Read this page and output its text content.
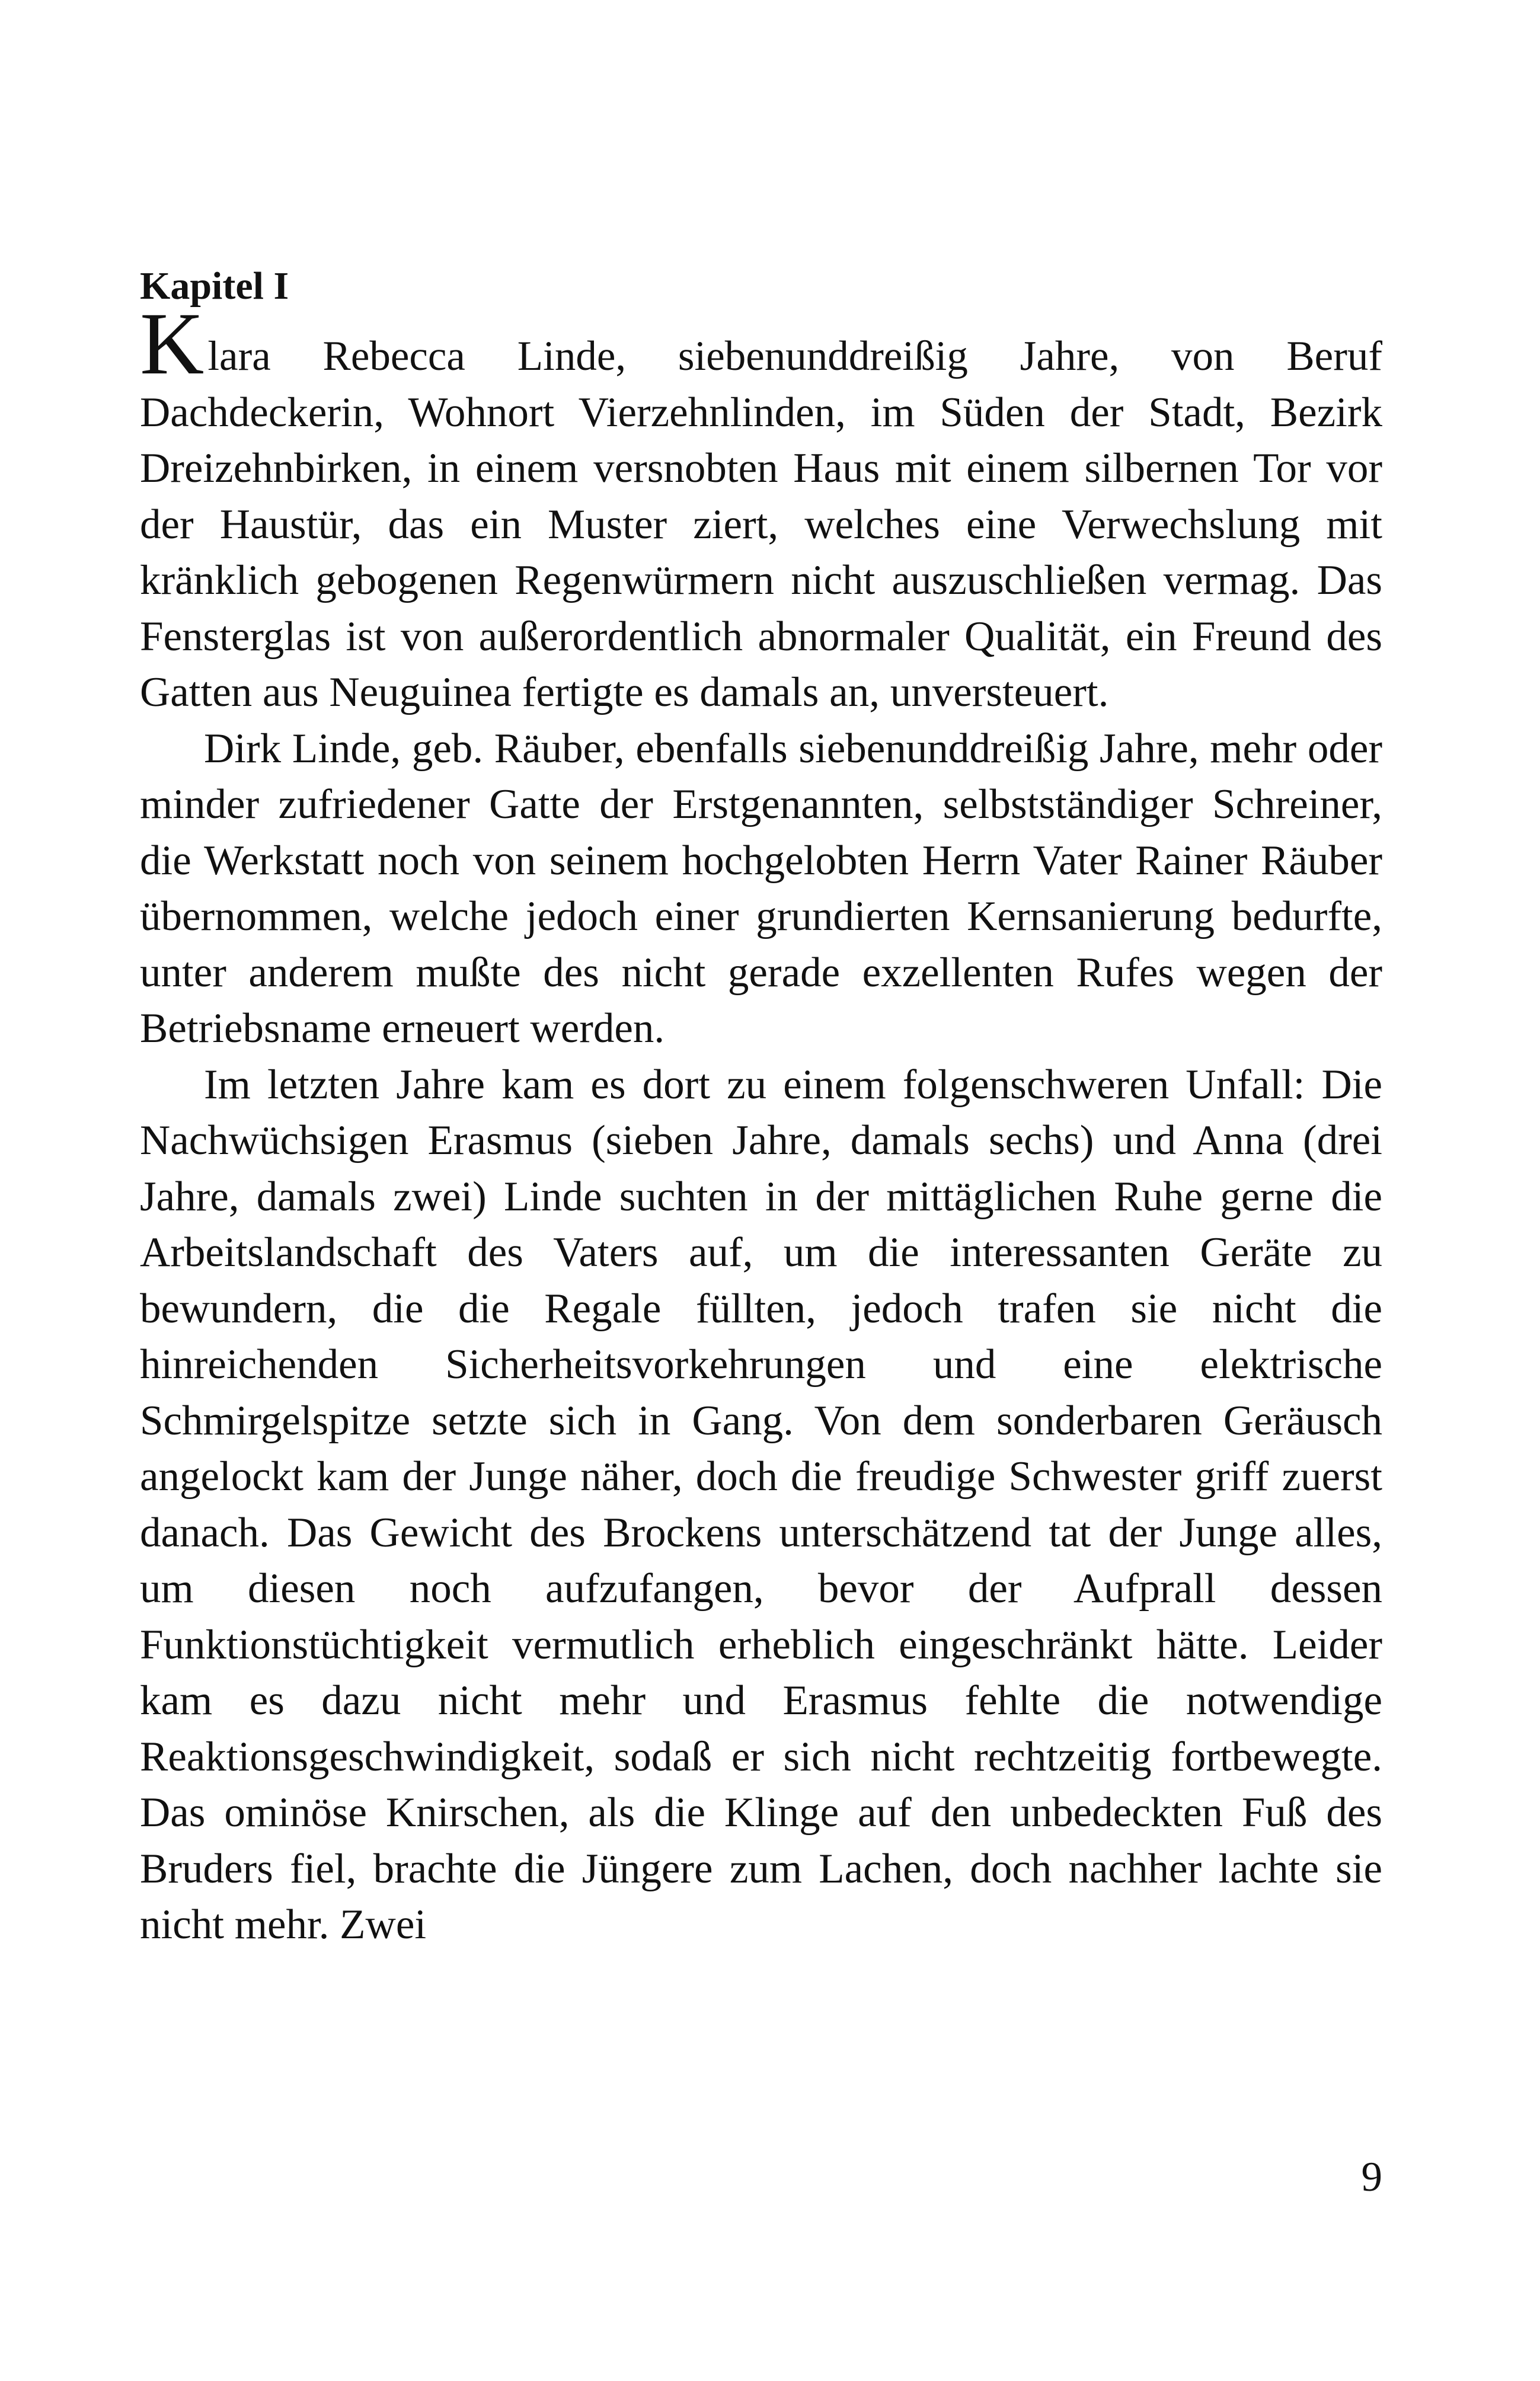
Kapitel I

Klara Rebecca Linde, siebenunddreißig Jahre, von Beruf Dachdeckerin, Wohnort Vierzehnlinden, im Süden der Stadt, Bezirk Dreizehnbirken, in einem versnobten Haus mit einem silbernen Tor vor der Haustür, das ein Muster ziert, welches eine Verwechslung mit kränklich gebogenen Regenwürmern nicht auszuschließen vermag. Das Fensterglas ist von außerordentlich abnormaler Qualität, ein Freund des Gatten aus Neuguinea fertigte es damals an, unversteuert.

Dirk Linde, geb. Räuber, ebenfalls siebenunddreißig Jahre, mehr oder minder zufriedener Gatte der Erstgenannten, selbstständiger Schreiner, die Werkstatt noch von seinem hochgelobten Herrn Vater Rainer Räuber übernommen, welche jedoch einer grundierten Kernsanierung bedurfte, unter anderem mußte des nicht gerade exzellenten Rufes wegen der Betriebsname erneuert werden.

Im letzten Jahre kam es dort zu einem folgenschweren Unfall: Die Nachwüchsigen Erasmus (sieben Jahre, damals sechs) und Anna (drei Jahre, damals zwei) Linde suchten in der mittäglichen Ruhe gerne die Arbeitslandschaft des Vaters auf, um die interessanten Geräte zu bewundern, die die Regale füllten, jedoch trafen sie nicht die hinreichenden Sicherheitsvorkehrungen und eine elektrische Schmirgelspitze setzte sich in Gang. Von dem sonderbaren Geräusch angelockt kam der Junge näher, doch die freudige Schwester griff zuerst danach. Das Gewicht des Brockens unterschätzend tat der Junge alles, um diesen noch aufzufangen, bevor der Aufprall dessen Funktionstüchtigkeit vermutlich erheblich eingeschränkt hätte. Leider kam es dazu nicht mehr und Erasmus fehlte die notwendige Reaktionsgeschwindigkeit, sodaß er sich nicht rechtzeitig fortbewegte. Das ominöse Knirschen, als die Klinge auf den unbedeckten Fuß des Bruders fiel, brachte die Jüngere zum Lachen, doch nachher lachte sie nicht mehr. Zwei

9
